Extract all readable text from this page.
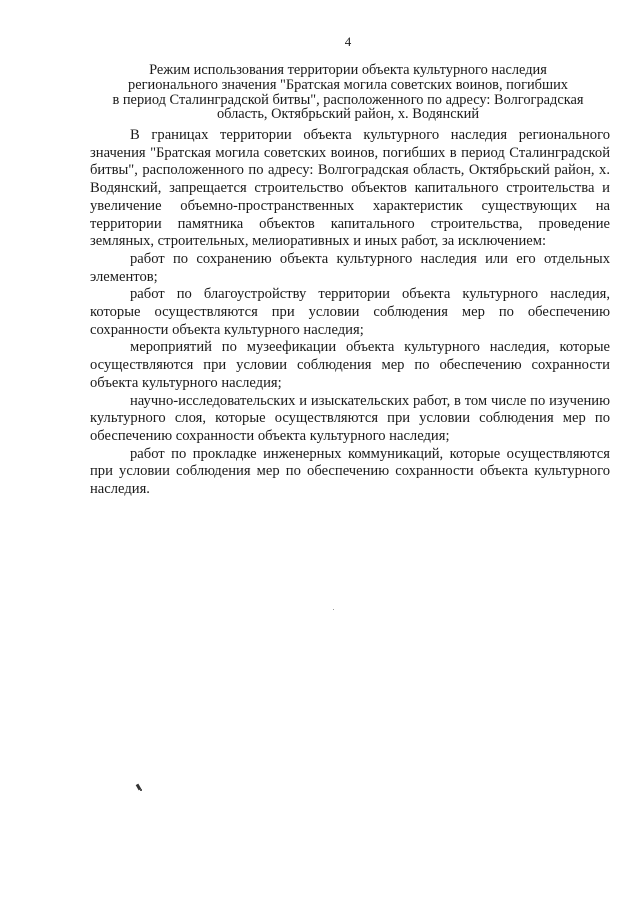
4
Режим использования территории объекта культурного наследия
регионального значения "Братская могила советских воинов, погибших
в период Сталинградской битвы", расположенного по адресу: Волгоградская
область, Октябрьский район, х. Водянский

В границах территории объекта культурного наследия регионального значения "Братская могила советских воинов, погибших в период Сталинградской битвы", расположенного по адресу: Волгоградская область, Октябрьский район, х. Водянский, запрещается строительство объектов капитального строительства и увеличение объемно-пространственных характеристик существующих на территории памятника объектов капитального строительства, проведение земляных, строительных, мелиоративных и иных работ, за исключением:

работ по сохранению объекта культурного наследия или его отдельных элементов;

работ по благоустройству территории объекта культурного наследия, которые осуществляются при условии соблюдения мер по обеспечению сохранности объекта культурного наследия;

мероприятий по музеефикации объекта культурного наследия, которые осуществляются при условии соблюдения мер по обеспечению сохранности объекта культурного наследия;

научно-исследовательских и изыскательских работ, в том числе по изучению культурного слоя, которые осуществляются при условии соблюдения мер по обеспечению сохранности объекта культурного наследия;

работ по прокладке инженерных коммуникаций, которые осуществляются при условии соблюдения мер по обеспечению сохранности объекта культурного наследия.
